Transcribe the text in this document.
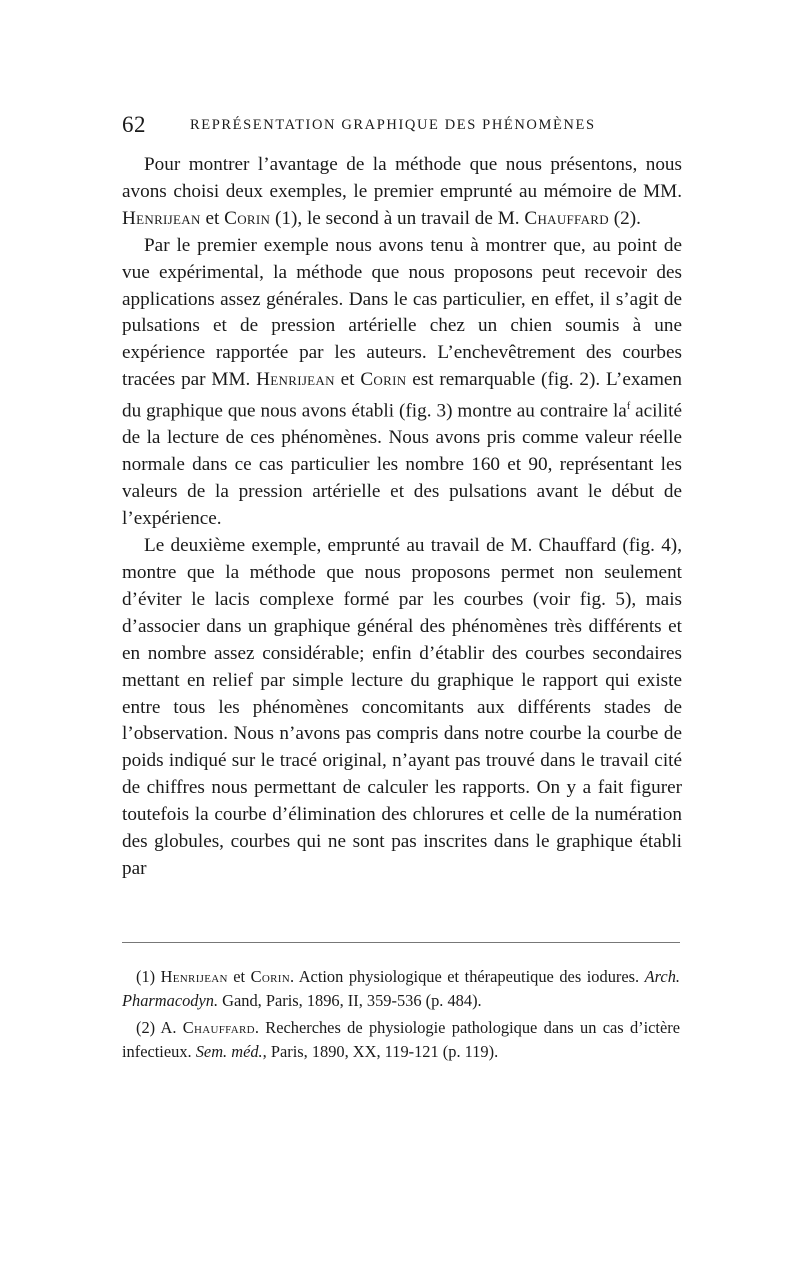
62	REPRÉSENTATION GRAPHIQUE DES PHÉNOMÈNES

Pour montrer l’avantage de la méthode que nous présentons, nous avons choisi deux exemples, le premier emprunté au mémoire de MM. Henrijean et Corin (1), le second à un travail de M. Chauffard (2).

Par le premier exemple nous avons tenu à montrer que, au point de vue expérimental, la méthode que nous proposons peut recevoir des applications assez générales. Dans le cas particulier, en effet, il s’agit de pulsations et de pression artérielle chez un chien soumis à une expérience rapportée par les auteurs. L’enchevêtrement des courbes tracées par MM. Henrijean et Corin est remarquable (fig. 2). L’examen du graphique que nous avons établi (fig. 3) montre au contraire $la^f$ acilité de la lecture de ces phénomènes. Nous avons pris comme valeur réelle normale dans ce cas particulier les nombre 160 et 90, représentant les valeurs de la pression artérielle et des pulsations avant le début de l’expérience.

Le deuxième exemple, emprunté au travail de M. Chauffard (fig. 4), montre que la méthode que nous proposons permet non seulement d’éviter le lacis complexe formé par les courbes (voir fig. 5), mais d’associer dans un graphique général des phénomènes très différents et en nombre assez considérable; enfin d’établir des courbes secondaires mettant en relief par simple lecture du graphique le rapport qui existe entre tous les phénomènes concomitants aux différents stades de l’observation. Nous n’avons pas compris dans notre courbe la courbe de poids indiqué sur le tracé original, n’ayant pas trouvé dans le travail cité de chiffres nous permettant de calculer les rapports. On y a fait figurer toutefois la courbe d’élimination des chlorures et celle de la numération des globules, courbes qui ne sont pas inscrites dans le graphique établi par

(1) Henrijean et Corin. Action physiologique et thérapeutique des iodures. Arch. Pharmacodyn. Gand, Paris, 1896, II, 359-536 (p. 484).

(2) A. Chauffard. Recherches de physiologie pathologique dans un cas d’ictère infectieux. Sem. méd., Paris, 1890, XX, 119-121 (p. 119).
